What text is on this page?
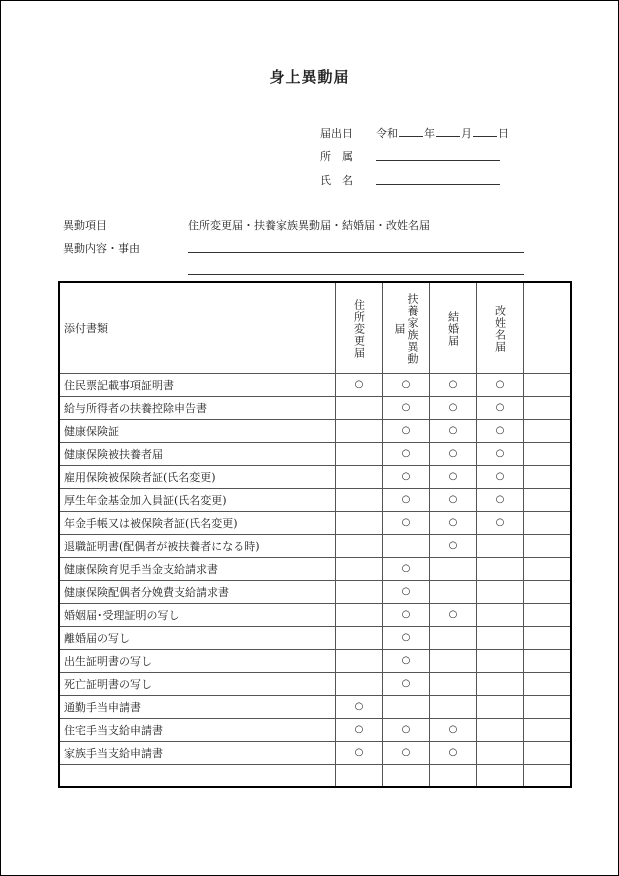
身上異動届
届出日 令和 年 月 日
所　属
氏　名
異動項目	住所変更届・扶養家族異動届・結婚届・改姓名届
異動内容・事由
添付書類	住所変更届	扶養家族異動届	結婚届	改姓名届	

住民票記載事項証明書	○	○	○	○	
給与所得者の扶養控除申告書		○	○	○	
健康保険証		○	○	○	
健康保険被扶養者届		○	○	○	
雇用保険被保険者証(氏名変更)		○	○	○	
厚生年金基金加入員証(氏名変更)		○	○	○	
年金手帳又は被保険者証(氏名変更)		○	○	○	
退職証明書(配偶者が被扶養者になる時)			○		
健康保険育児手当金支給請求書		○			
健康保険配偶者分娩費支給請求書		○			
婚姻届･受理証明の写し		○	○		
離婚届の写し		○			
出生証明書の写し		○			
死亡証明書の写し		○			
通勤手当申請書	○				
住宅手当支給申請書	○	○	○		
家族手当支給申請書	○	○	○		
